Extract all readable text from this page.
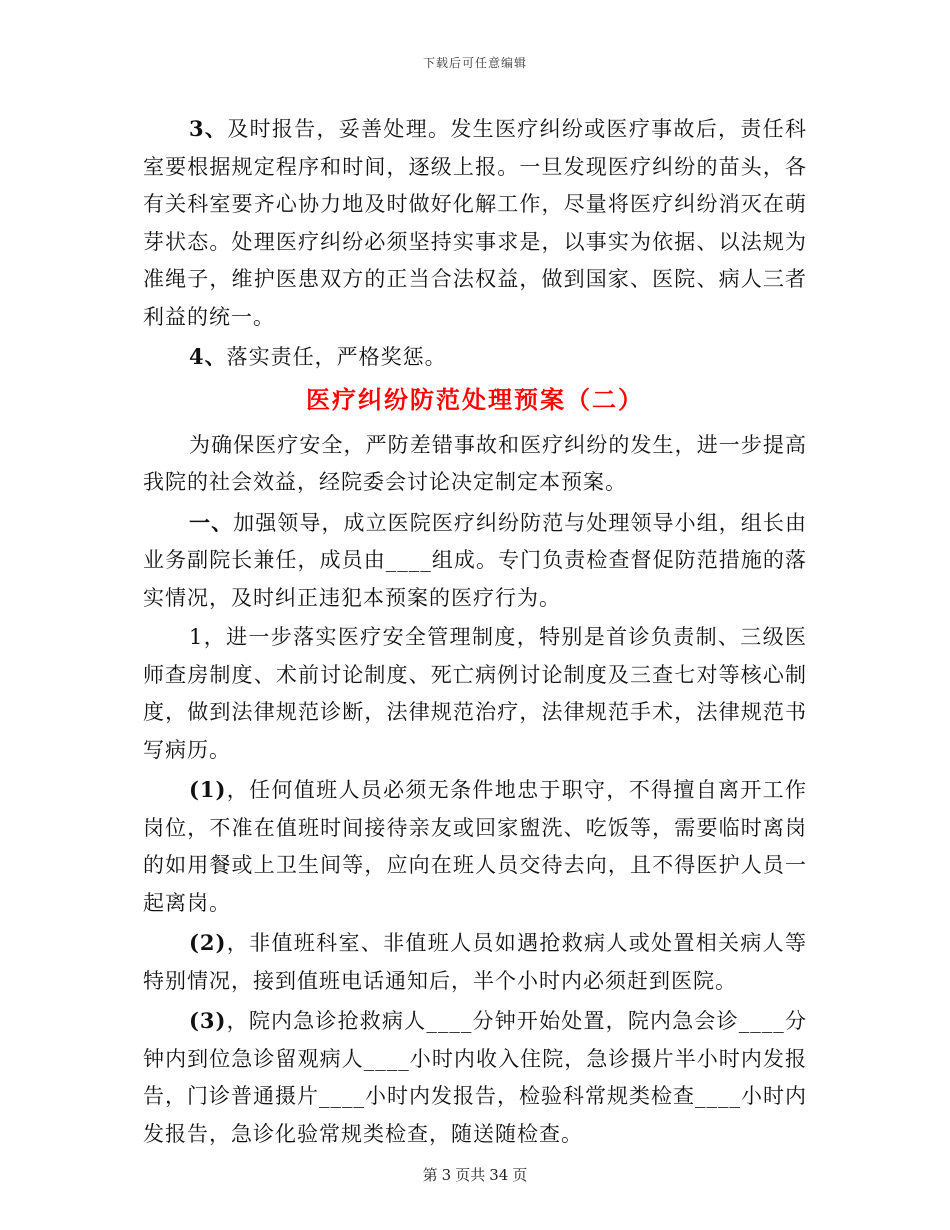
下载后可任意编辑

3、及时报告，妥善处理。发生医疗纠纷或医疗事故后，责任科室要根据规定程序和时间，逐级上报。一旦发现医疗纠纷的苗头，各有关科室要齐心协力地及时做好化解工作，尽量将医疗纠纷消灭在萌芽状态。处理医疗纠纷必须坚持实事求是，以事实为依据、以法规为准绳子，维护医患双方的正当合法权益，做到国家、医院、病人三者利益的统一。

4、落实责任，严格奖惩。

医疗纠纷防范处理预案（二）

为确保医疗安全，严防差错事故和医疗纠纷的发生，进一步提高我院的社会效益，经院委会讨论决定制定本预案。

一、加强领导，成立医院医疗纠纷防范与处理领导小组，组长由业务副院长兼任，成员由____组成。专门负责检查督促防范措施的落实情况，及时纠正违犯本预案的医疗行为。

1，进一步落实医疗安全管理制度，特别是首诊负责制、三级医师查房制度、术前讨论制度、死亡病例讨论制度及三查七对等核心制度，做到法律规范诊断，法律规范治疗，法律规范手术，法律规范书写病历。

(1)，任何值班人员必须无条件地忠于职守，不得擅自离开工作岗位，不准在值班时间接待亲友或回家盥洗、吃饭等，需要临时离岗的如用餐或上卫生间等，应向在班人员交待去向，且不得医护人员一起离岗。

(2)，非值班科室、非值班人员如遇抢救病人或处置相关病人等特别情况，接到值班电话通知后，半个小时内必须赶到医院。

(3)，院内急诊抢救病人____分钟开始处置，院内急会诊____分钟内到位急诊留观病人____小时内收入住院，急诊摄片半小时内发报告，门诊普通摄片____小时内发报告，检验科常规类检查____小时内发报告，急诊化验常规类检查，随送随检查。

第 3 页共 34 页
